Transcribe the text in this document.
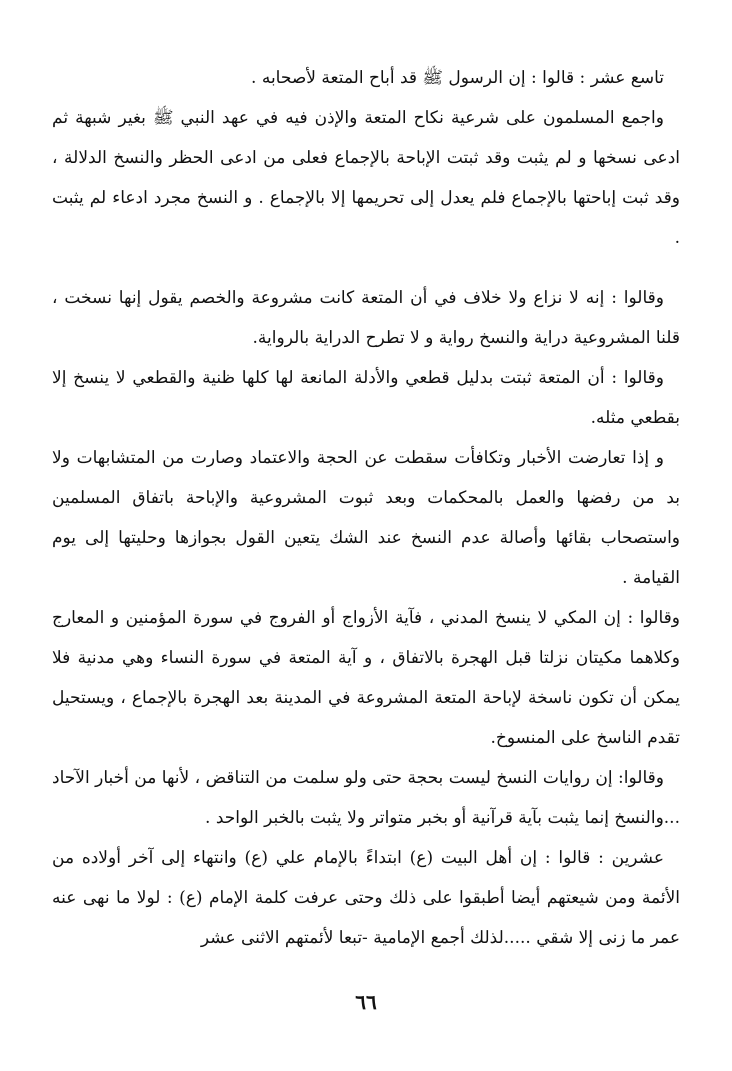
تاسع عشر : قالوا : إن الرسول ﷺ قد أباح المتعة لأصحابه .

واجمع المسلمون على شرعية نكاح المتعة والإذن فيه في عهد النبي ﷺ بغير شبهة ثم ادعى نسخها و لم يثبت وقد ثبتت الإباحة بالإجماع فعلى من ادعى الحظر والنسخ الدلالة ، وقد ثبت إباحتها بالإجماع فلم يعدل إلى تحريمها إلا بالإجماع . و النسخ مجرد ادعاء لم يثبت .

وقالوا : إنه لا نزاع ولا خلاف في أن المتعة كانت مشروعة والخصم يقول إنها نسخت ، قلنا المشروعية دراية والنسخ رواية و لا تطرح الدراية بالرواية.

وقالوا : أن المتعة ثبتت بدليل قطعي والأدلة المانعة لها كلها ظنية والقطعي لا ينسخ إلا بقطعي مثله.

و إذا تعارضت الأخبار وتكافأت سقطت عن الحجة والاعتماد وصارت من المتشابهات ولا بد من رفضها والعمل بالمحكمات وبعد ثبوت المشروعية والإباحة باتفاق المسلمين واستصحاب بقائها وأصالة عدم النسخ عند الشك يتعين القول بجوازها وحليتها إلى يوم القيامة .

وقالوا : إن المكي لا ينسخ المدني ، فآية الأزواج أو الفروج في سورة المؤمنين و المعارج وكلاهما مكيتان نزلتا قبل الهجرة بالاتفاق ، و آية المتعة في سورة النساء وهي مدنية فلا يمكن أن تكون ناسخة لإباحة المتعة المشروعة في المدينة بعد الهجرة بالإجماع ، ويستحيل تقدم الناسخ على المنسوخ.

وقالوا: إن روايات النسخ ليست بحجة حتى ولو سلمت من التناقض ، لأنها من أخبار الآحاد ...والنسخ إنما يثبت بآية قرآنية أو بخبر متواتر ولا يثبت بالخبر الواحد .

عشرين : قالوا : إن أهل البيت (ع) ابتداءً بالإمام علي (ع) وانتهاء إلى آخر أولاده من الأئمة ومن شيعتهم أيضا أطبقوا على ذلك وحتى عرفت كلمة الإمام (ع) : لولا ما نهى عنه عمر ما زنى إلا شقي .....لذلك أجمع الإمامية -تبعا لأئمتهم الاثنى عشر

٦٦
